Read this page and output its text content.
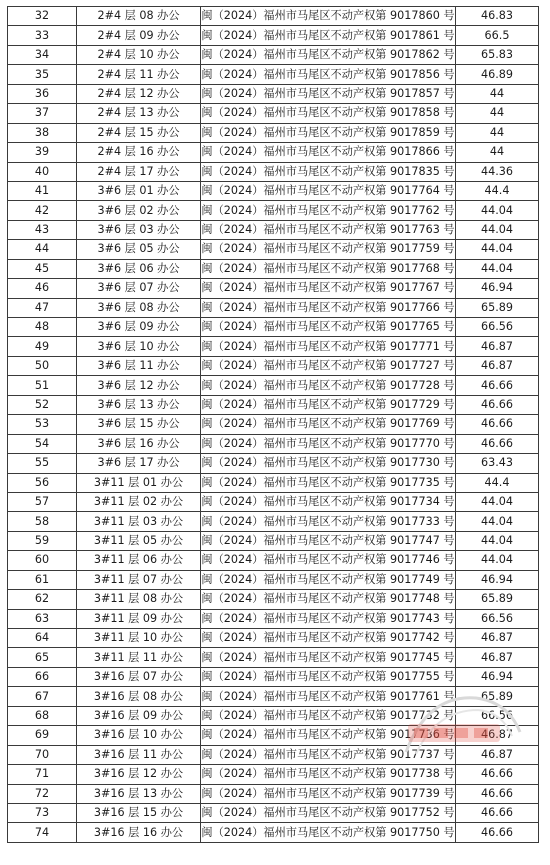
32	2#4 层 08 办公	闽（2024）福州市马尾区不动产权第 9017860 号	46.83
33	2#4 层 09 办公	闽（2024）福州市马尾区不动产权第 9017861 号	66.5
34	2#4 层 10 办公	闽（2024）福州市马尾区不动产权第 9017862 号	65.83
35	2#4 层 11 办公	闽（2024）福州市马尾区不动产权第 9017856 号	46.89
36	2#4 层 12 办公	闽（2024）福州市马尾区不动产权第 9017857 号	44
37	2#4 层 13 办公	闽（2024）福州市马尾区不动产权第 9017858 号	44
38	2#4 层 15 办公	闽（2024）福州市马尾区不动产权第 9017859 号	44
39	2#4 层 16 办公	闽（2024）福州市马尾区不动产权第 9017866 号	44
40	2#4 层 17 办公	闽（2024）福州市马尾区不动产权第 9017835 号	44.36
41	3#6 层 01 办公	闽（2024）福州市马尾区不动产权第 9017764 号	44.4
42	3#6 层 02 办公	闽（2024）福州市马尾区不动产权第 9017762 号	44.04
43	3#6 层 03 办公	闽（2024）福州市马尾区不动产权第 9017763 号	44.04
44	3#6 层 05 办公	闽（2024）福州市马尾区不动产权第 9017759 号	44.04
45	3#6 层 06 办公	闽（2024）福州市马尾区不动产权第 9017768 号	44.04
46	3#6 层 07 办公	闽（2024）福州市马尾区不动产权第 9017767 号	46.94
47	3#6 层 08 办公	闽（2024）福州市马尾区不动产权第 9017766 号	65.89
48	3#6 层 09 办公	闽（2024）福州市马尾区不动产权第 9017765 号	66.56
49	3#6 层 10 办公	闽（2024）福州市马尾区不动产权第 9017771 号	46.87
50	3#6 层 11 办公	闽（2024）福州市马尾区不动产权第 9017727 号	46.87
51	3#6 层 12 办公	闽（2024）福州市马尾区不动产权第 9017728 号	46.66
52	3#6 层 13 办公	闽（2024）福州市马尾区不动产权第 9017729 号	46.66
53	3#6 层 15 办公	闽（2024）福州市马尾区不动产权第 9017769 号	46.66
54	3#6 层 16 办公	闽（2024）福州市马尾区不动产权第 9017770 号	46.66
55	3#6 层 17 办公	闽（2024）福州市马尾区不动产权第 9017730 号	63.43
56	3#11 层 01 办公	闽（2024）福州市马尾区不动产权第 9017735 号	44.4
57	3#11 层 02 办公	闽（2024）福州市马尾区不动产权第 9017734 号	44.04
58	3#11 层 03 办公	闽（2024）福州市马尾区不动产权第 9017733 号	44.04
59	3#11 层 05 办公	闽（2024）福州市马尾区不动产权第 9017747 号	44.04
60	3#11 层 06 办公	闽（2024）福州市马尾区不动产权第 9017746 号	44.04
61	3#11 层 07 办公	闽（2024）福州市马尾区不动产权第 9017749 号	46.94
62	3#11 层 08 办公	闽（2024）福州市马尾区不动产权第 9017748 号	65.89
63	3#11 层 09 办公	闽（2024）福州市马尾区不动产权第 9017743 号	66.56
64	3#11 层 10 办公	闽（2024）福州市马尾区不动产权第 9017742 号	46.87
65	3#11 层 11 办公	闽（2024）福州市马尾区不动产权第 9017745 号	46.87
66	3#16 层 07 办公	闽（2024）福州市马尾区不动产权第 9017755 号	46.94
67	3#16 层 08 办公	闽（2024）福州市马尾区不动产权第 9017761 号	65.89
68	3#16 层 09 办公	闽（2024）福州市马尾区不动产权第 9017732 号	66.56
69	3#16 层 10 办公	闽（2024）福州市马尾区不动产权第 9017736 号	46.87
70	3#16 层 11 办公	闽（2024）福州市马尾区不动产权第 9017737 号	46.87
71	3#16 层 12 办公	闽（2024）福州市马尾区不动产权第 9017738 号	46.66
72	3#16 层 13 办公	闽（2024）福州市马尾区不动产权第 9017739 号	46.66
73	3#16 层 15 办公	闽（2024）福州市马尾区不动产权第 9017752 号	46.66
74	3#16 层 16 办公	闽（2024）福州市马尾区不动产权第 9017750 号	46.66
